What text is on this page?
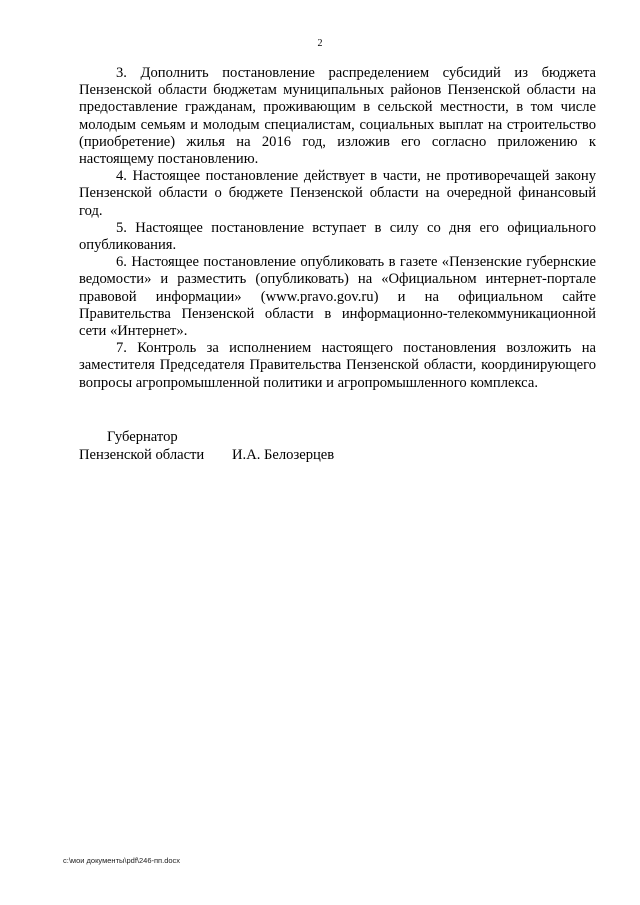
2

3. Дополнить постановление распределением субсидий из бюджета Пензенской области бюджетам муниципальных районов Пензенской области на предоставление гражданам, проживающим в сельской местности, в том числе молодым семьям и молодым специалистам, социальных выплат на строительство (приобретение) жилья на 2016 год, изложив его согласно приложению к настоящему постановлению.

4. Настоящее постановление действует в части, не противоречащей закону Пензенской области о бюджете Пензенской области на очередной финансовый год.

5. Настоящее постановление вступает в силу со дня его официального опубликования.

6. Настоящее постановление опубликовать в газете «Пензенские губернские ведомости» и разместить (опубликовать) на «Официальном интернет-портале правовой информации» (www.pravo.gov.ru) и на официальном сайте Правительства Пензенской области в информационно-телекоммуникационной сети «Интернет».

7. Контроль за исполнением настоящего постановления возложить на заместителя Председателя Правительства Пензенской области, координирующего вопросы агропромышленной политики и агропромышленного комплекса.

Губернатор
Пензенской области	И.А. Белозерцев
c:\мои документы\pdf\246-пп.docx
